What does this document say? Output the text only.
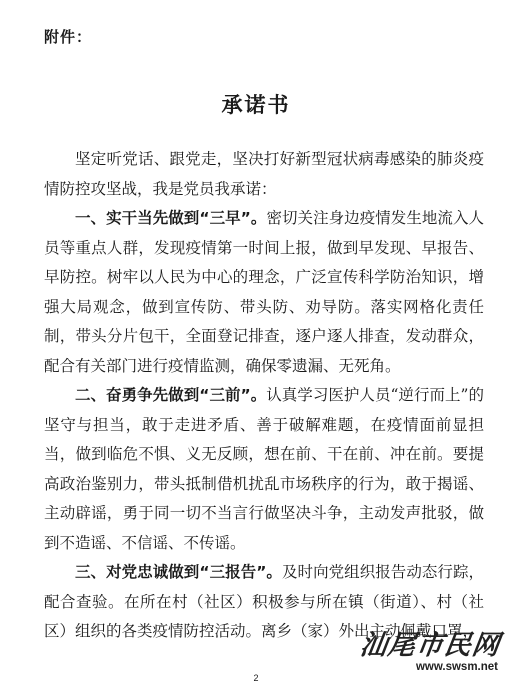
附件：
承诺书

坚定听党话、跟党走，坚决打好新型冠状病毒感染的肺炎疫情防控攻坚战，我是党员我承诺：

一、实干当先做到“三早”。密切关注身边疫情发生地流入人员等重点人群，发现疫情第一时间上报，做到早发现、早报告、早防控。树牢以人民为中心的理念，广泛宣传科学防治知识，增强大局观念，做到宣传防、带头防、劝导防。落实网格化责任制，带头分片包干，全面登记排查，逐户逐人排查，发动群众，配合有关部门进行疫情监测，确保零遗漏、无死角。

二、奋勇争先做到“三前”。认真学习医护人员“逆行而上”的坚守与担当，敢于走进矛盾、善于破解难题，在疫情面前显担当，做到临危不惧、义无反顾，想在前、干在前、冲在前。要提高政治鉴别力，带头抵制借机扰乱市场秩序的行为，敢于揭谣、主动辟谣，勇于同一切不当言行做坚决斗争，主动发声批驳，做到不造谣、不信谣、不传谣。

三、对党忠诚做到“三报告”。及时向党组织报告动态行踪，配合查验。在所在村（社区）积极参与所在镇（街道）、村（社区）组织的各类疫情防控活动。离乡（家）外出主动佩戴口罩，

2
汕尾市民网
www.swsm.net
